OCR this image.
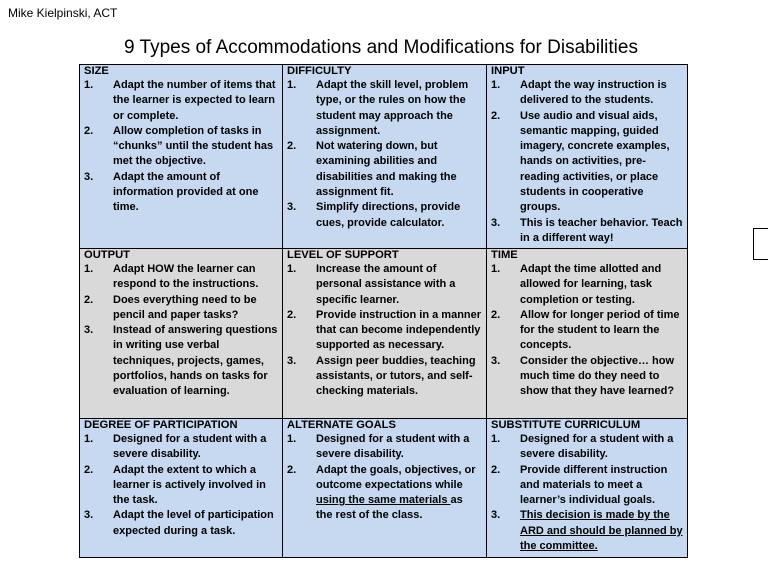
Mike Kielpinski, ACT
9 Types of Accommodations and Modifications for Disabilities
SIZE
1.	Adapt the number of items that the learner is expected to learn or complete.
2.	Allow completion of tasks in “chunks” until the student has met the objective.
3.	Adapt the amount of information provided at one time.
DIFFICULTY
1.	Adapt the skill level, problem type, or the rules on how the student may approach the assignment.
2.	Not watering down, but examining abilities and disabilities and making the assignment fit.
3.	Simplify directions, provide cues, provide calculator.
INPUT
1.	Adapt the way instruction is delivered to the students.
2.	Use audio and visual aids, semantic mapping, guided imagery, concrete examples, hands on activities, pre-reading activities, or place students in cooperative groups.
3.	This is teacher behavior. Teach in a different way!
OUTPUT
1.	Adapt HOW the learner can respond to the instructions.
2.	Does everything need to be pencil and paper tasks?
3.	Instead of answering questions in writing use verbal techniques, projects, games, portfolios, hands on tasks for evaluation of learning.
LEVEL OF SUPPORT
1.	Increase the amount of personal assistance with a specific learner.
2.	Provide instruction in a manner that can become independently supported as necessary.
3.	Assign peer buddies, teaching assistants, or tutors, and self-checking materials.
TIME
1.	Adapt the time allotted and allowed for learning, task completion or testing.
2.	Allow for longer period of time for the student to learn the concepts.
3.	Consider the objective… how much time do they need to show that they have learned?
DEGREE OF PARTICIPATION
1.	Designed for a student with a severe disability.
2.	Adapt the extent to which a learner is actively involved in the task.
3.	Adapt the level of participation expected during a task.
ALTERNATE GOALS
1.	Designed for a student with a severe disability.
2.	Adapt the goals, objectives, or outcome expectations while using the same materials as the rest of the class.
SUBSTITUTE CURRICULUM
1.	Designed for a student with a severe disability.
2.	Provide different instruction and materials to meet a learner’s individual goals.
3.	This decision is made by the ARD and should be planned by the committee.
